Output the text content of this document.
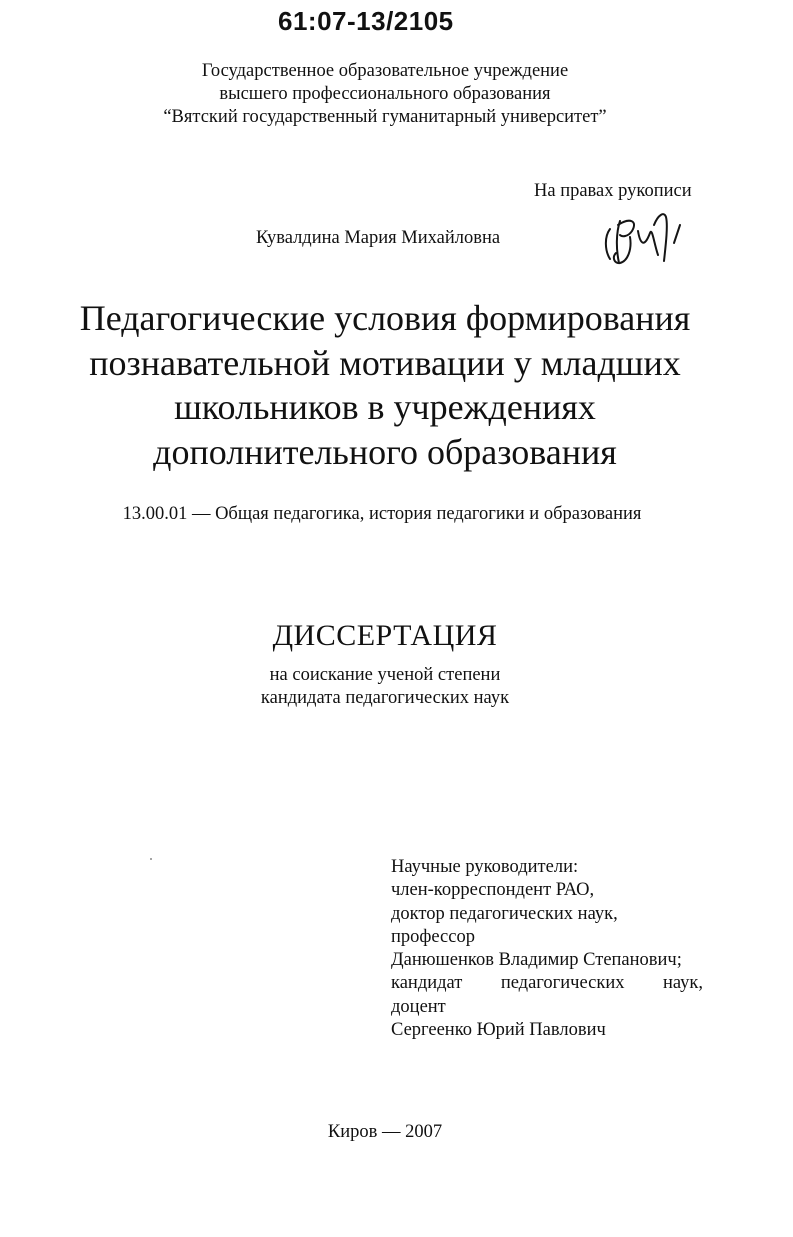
61:07-13/2105
Государственное образовательное учреждение
высшего профессионального образования
“Вятский государственный гуманитарный университет”
На правах рукописи
Кувалдина Мария Михайловна
Педагогические условия формирования
познавательной мотивации у младших
школьников в учреждениях
дополнительного образования
13.00.01 — Общая педагогика, история педагогики и образования
ДИССЕРТАЦИЯ
на соискание ученой степени
кандидата педагогических наук
Научные руководители:
член-корреспондент РАО,
доктор педагогических наук,
профессор
Данюшенков Владимир Степанович;
кандидат педагогических наук,
доцент
Сергеенко Юрий Павлович
Киров — 2007
